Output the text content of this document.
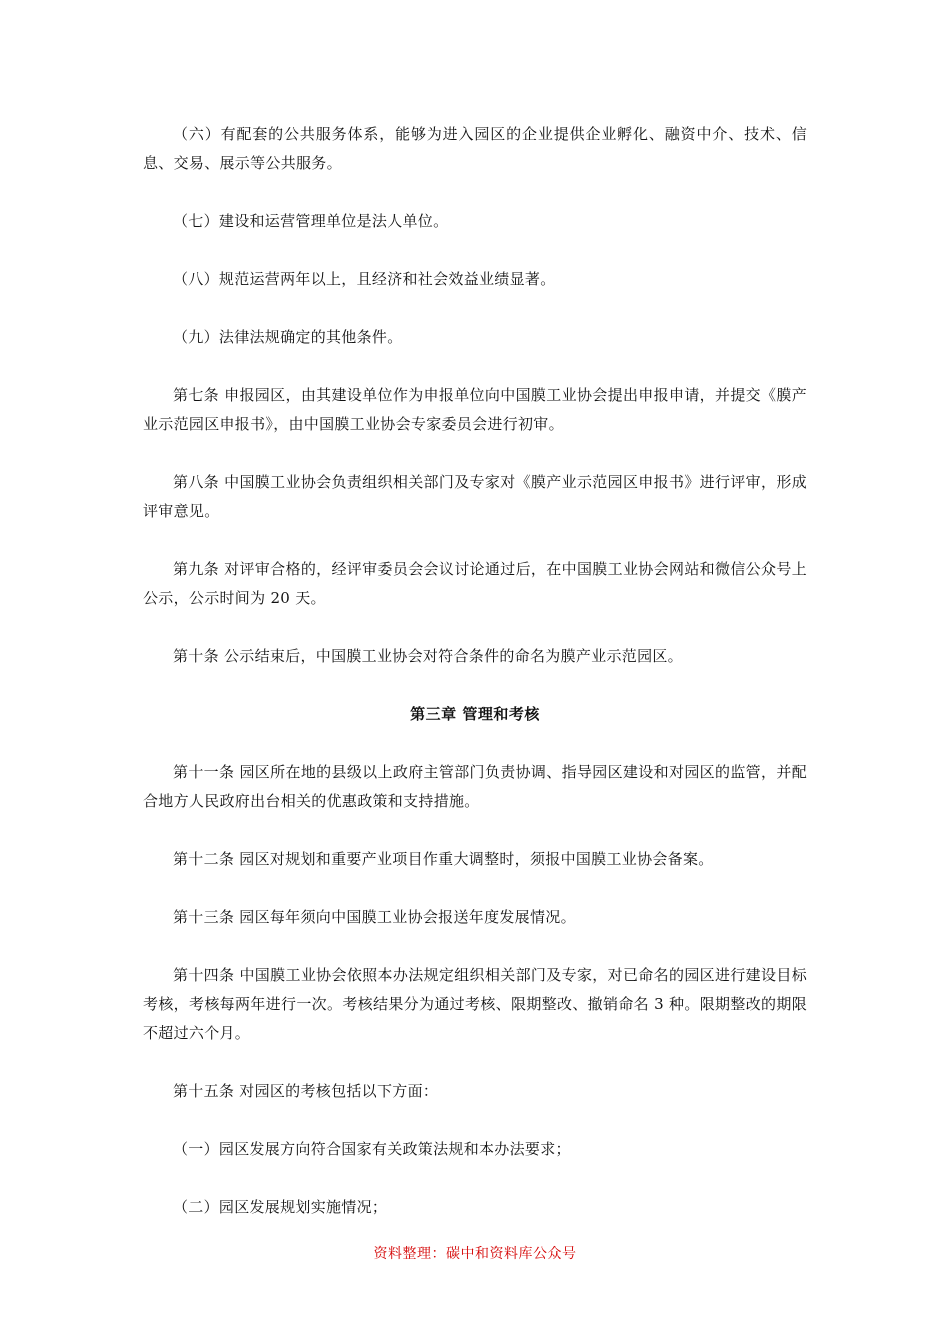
（六）有配套的公共服务体系，能够为进入园区的企业提供企业孵化、融资中介、技术、信息、交易、展示等公共服务。

（七）建设和运营管理单位是法人单位。

（八）规范运营两年以上，且经济和社会效益业绩显著。

（九）法律法规确定的其他条件。

第七条 申报园区，由其建设单位作为申报单位向中国膜工业协会提出申报申请，并提交《膜产业示范园区申报书》，由中国膜工业协会专家委员会进行初审。

第八条 中国膜工业协会负责组织相关部门及专家对《膜产业示范园区申报书》进行评审，形成评审意见。

第九条 对评审合格的，经评审委员会会议讨论通过后，在中国膜工业协会网站和微信公众号上公示，公示时间为 20 天。

第十条 公示结束后，中国膜工业协会对符合条件的命名为膜产业示范园区。

第三章 管理和考核

第十一条 园区所在地的县级以上政府主管部门负责协调、指导园区建设和对园区的监管，并配合地方人民政府出台相关的优惠政策和支持措施。

第十二条 园区对规划和重要产业项目作重大调整时，须报中国膜工业协会备案。

第十三条 园区每年须向中国膜工业协会报送年度发展情况。

第十四条 中国膜工业协会依照本办法规定组织相关部门及专家，对已命名的园区进行建设目标考核，考核每两年进行一次。考核结果分为通过考核、限期整改、撤销命名 3 种。限期整改的期限不超过六个月。

第十五条 对园区的考核包括以下方面：

（一）园区发展方向符合国家有关政策法规和本办法要求；

（二）园区发展规划实施情况；

资料整理：碳中和资料库公众号
